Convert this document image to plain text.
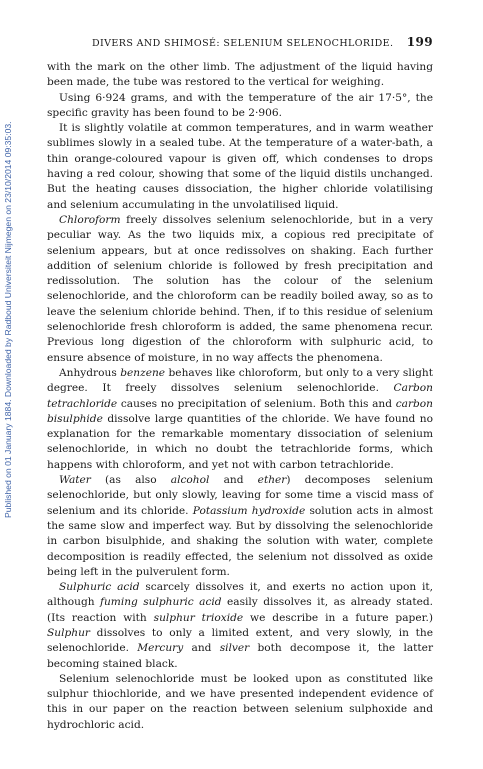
Published on 01 January 1884. Downloaded by Radboud Universiteit Nijmegen on 23/10/2014 09:35:03.
DIVERS AND SHIMOSÉ: SELENIUM SELENOCHLORIDE. 199

with the mark on the other limb. The adjustment of the liquid having been made, the tube was restored to the vertical for weighing.

Using 6·924 grams, and with the temperature of the air 17·5°, the specific gravity has been found to be 2·906.

It is slightly volatile at common temperatures, and in warm weather sublimes slowly in a sealed tube. At the temperature of a water-bath, a thin orange-coloured vapour is given off, which condenses to drops having a red colour, showing that some of the liquid distils unchanged. But the heating causes dissociation, the higher chloride volatilising and selenium accumulating in the unvolatilised liquid.

Chloroform freely dissolves selenium selenochloride, but in a very peculiar way. As the two liquids mix, a copious red precipitate of selenium appears, but at once redissolves on shaking. Each further addition of selenium chloride is followed by fresh precipitation and redissolution. The solution has the colour of the selenium selenochloride, and the chloroform can be readily boiled away, so as to leave the selenium chloride behind. Then, if to this residue of selenium selenochloride fresh chloroform is added, the same phenomena recur. Previous long digestion of the chloroform with sulphuric acid, to ensure absence of moisture, in no way affects the phenomena.

Anhydrous benzene behaves like chloroform, but only to a very slight degree. It freely dissolves selenium selenochloride. Carbon tetrachloride causes no precipitation of selenium. Both this and carbon bisulphide dissolve large quantities of the chloride. We have found no explanation for the remarkable momentary dissociation of selenium selenochloride, in which no doubt the tetrachloride forms, which happens with chloroform, and yet not with carbon tetrachloride.

Water (as also alcohol and ether) decomposes selenium selenochloride, but only slowly, leaving for some time a viscid mass of selenium and its chloride. Potassium hydroxide solution acts in almost the same slow and imperfect way. But by dissolving the selenochloride in carbon bisulphide, and shaking the solution with water, complete decomposition is readily effected, the selenium not dissolved as oxide being left in the pulverulent form.

Sulphuric acid scarcely dissolves it, and exerts no action upon it, although fuming sulphuric acid easily dissolves it, as already stated. (Its reaction with sulphur trioxide we describe in a future paper.) Sulphur dissolves to only a limited extent, and very slowly, in the selenochloride. Mercury and silver both decompose it, the latter becoming stained black.

Selenium selenochloride must be looked upon as constituted like sulphur thiochloride, and we have presented independent evidence of this in our paper on the reaction between selenium sulphoxide and hydrochloric acid.
